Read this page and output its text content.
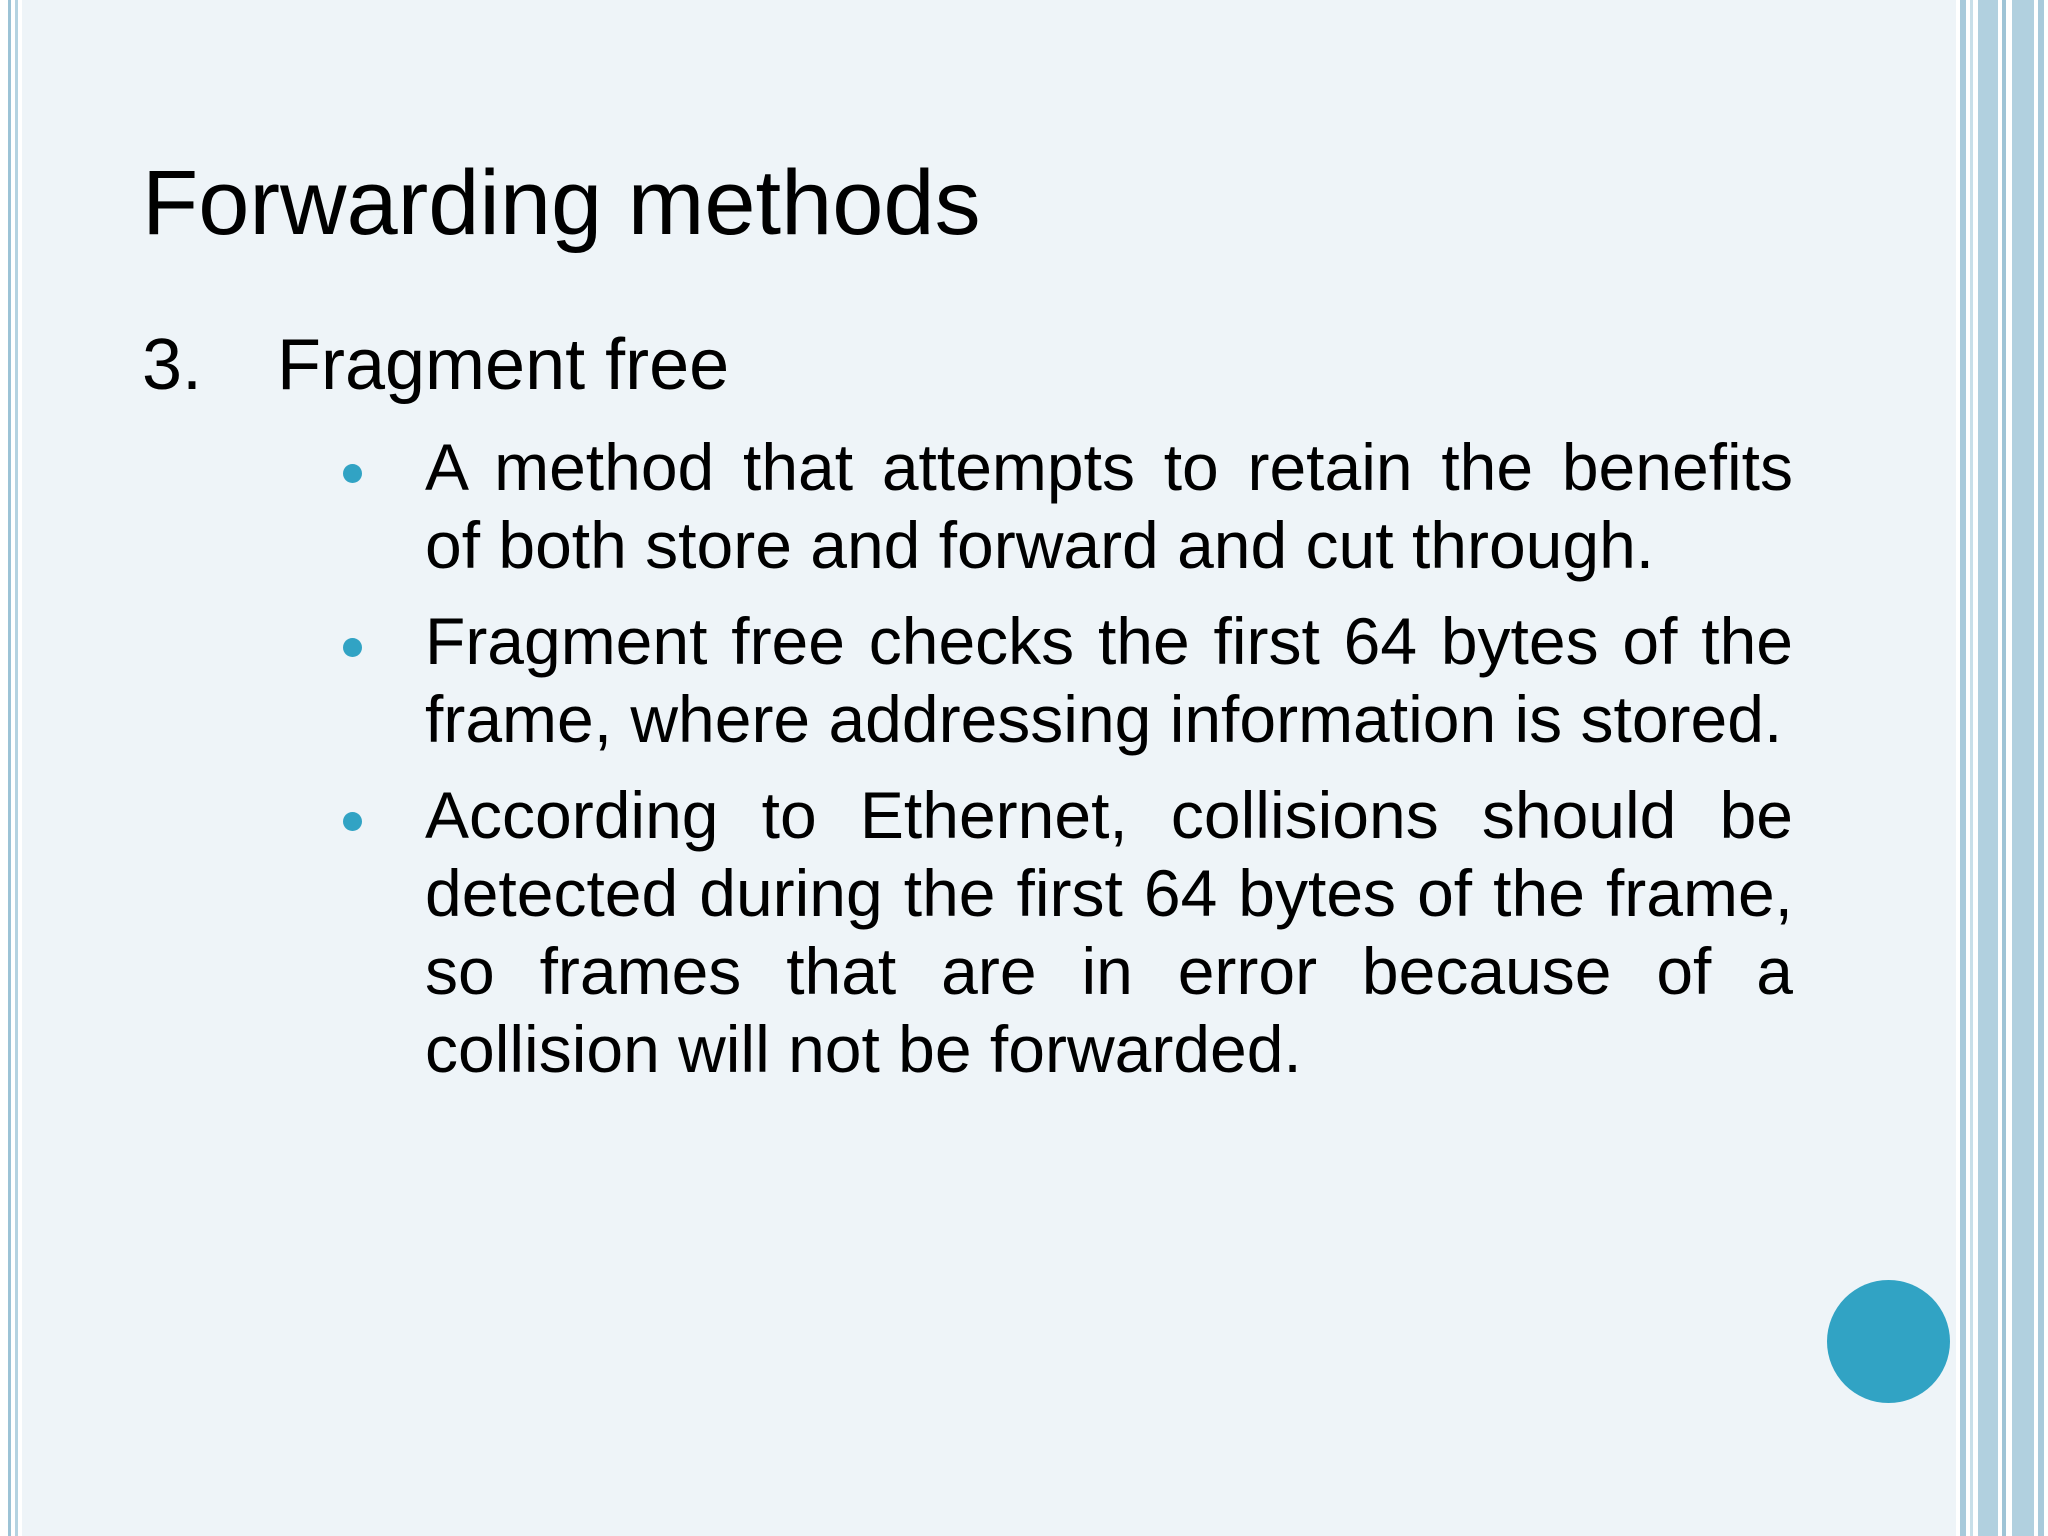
Forwarding methods
3. Fragment free
A method that attempts to retain the benefits of both store and forward and cut through.
Fragment free checks the first 64 bytes of the frame, where addressing information is stored.
According to Ethernet, collisions should be detected during the first 64 bytes of the frame, so frames that are in error because of a collision will not be forwarded.
